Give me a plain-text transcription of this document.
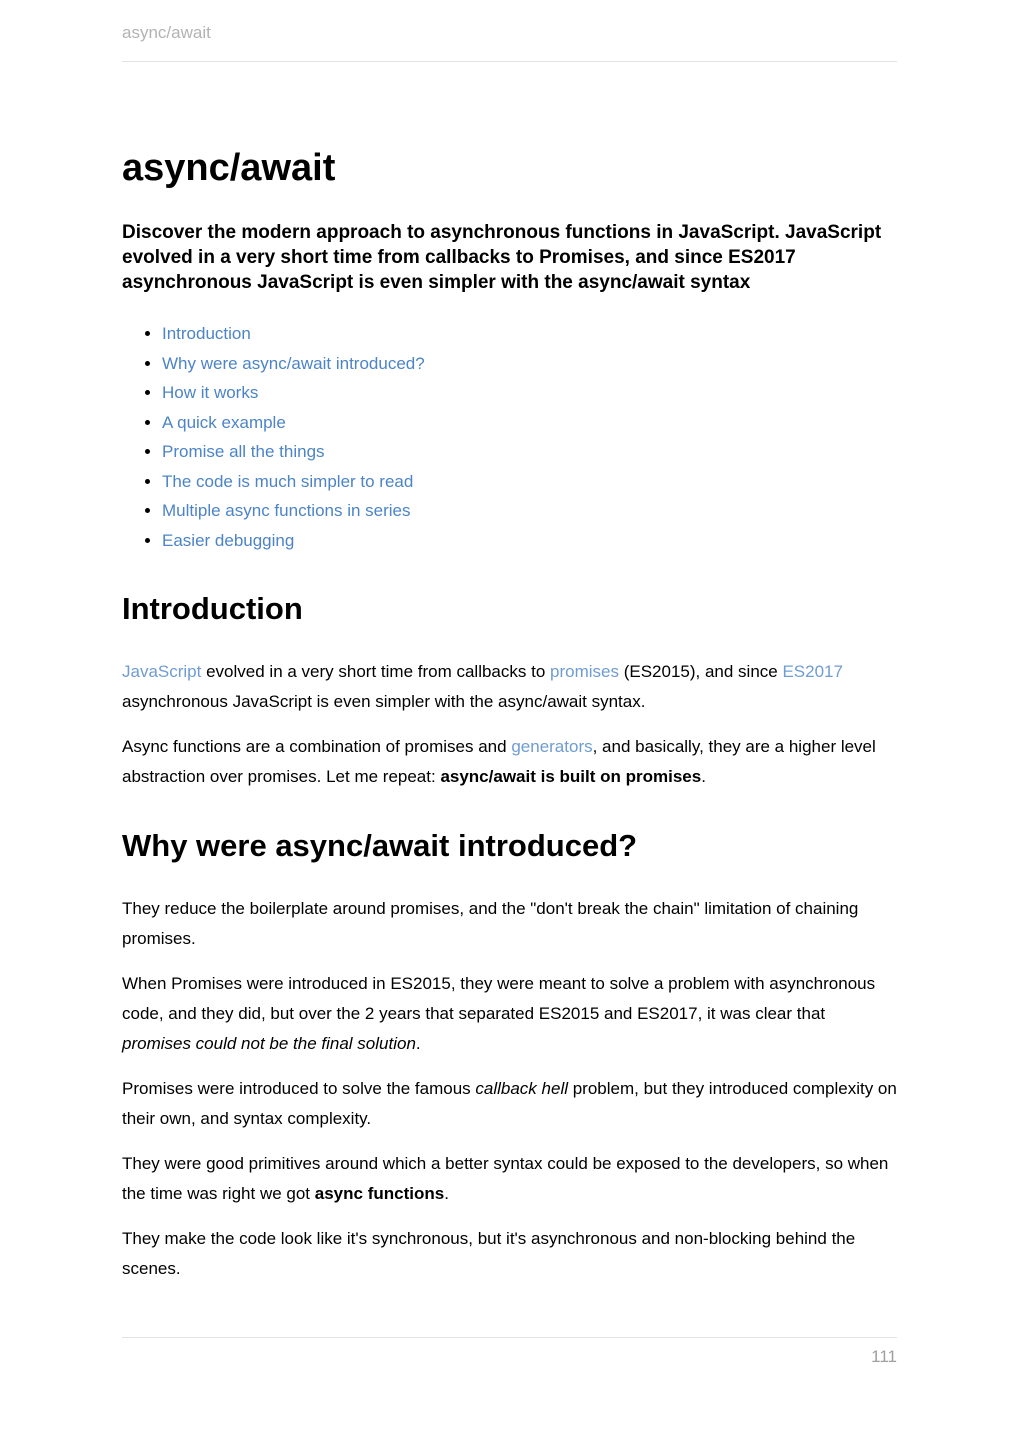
async/await
async/await

Discover the modern approach to asynchronous functions in JavaScript. JavaScript evolved in a very short time from callbacks to Promises, and since ES2017 asynchronous JavaScript is even simpler with the async/await syntax

• Introduction
• Why were async/await introduced?
• How it works
• A quick example
• Promise all the things
• The code is much simpler to read
• Multiple async functions in series
• Easier debugging
Introduction

JavaScript evolved in a very short time from callbacks to promises (ES2015), and since ES2017 asynchronous JavaScript is even simpler with the async/await syntax.

Async functions are a combination of promises and generators, and basically, they are a higher level abstraction over promises. Let me repeat: async/await is built on promises.

Why were async/await introduced?

They reduce the boilerplate around promises, and the "don't break the chain" limitation of chaining promises.

When Promises were introduced in ES2015, they were meant to solve a problem with asynchronous code, and they did, but over the 2 years that separated ES2015 and ES2017, it was clear that promises could not be the final solution.

Promises were introduced to solve the famous callback hell problem, but they introduced complexity on their own, and syntax complexity.

They were good primitives around which a better syntax could be exposed to the developers, so when the time was right we got async functions.

They make the code look like it's synchronous, but it's asynchronous and non-blocking behind the scenes.

111
